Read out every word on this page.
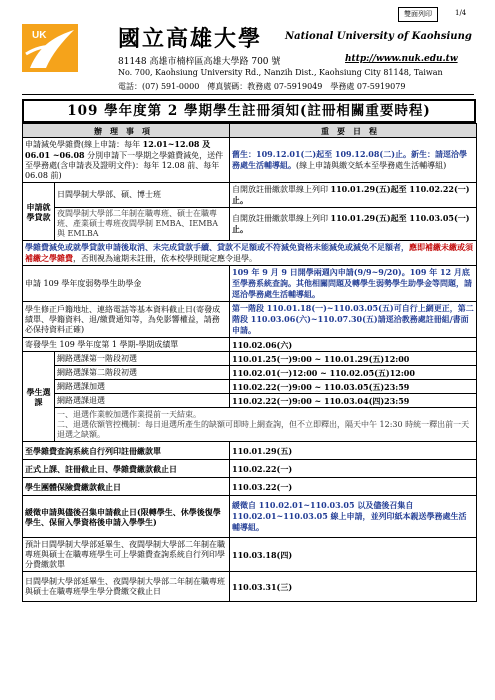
雙面列印	1/4
UK	國立高雄大學 National University of Kaohsiung
81148 高雄市楠梓區高雄大學路 700 號	http://www.nuk.edu.tw
No. 700, Kaohsiung University Rd., Nanzih Dist., Kaohsiung City 81148, Taiwan
電話：(07) 591-0000　傳真號碼：教務處 07-5919049　學務處 07-5919079
109 學年度第 2 學期學生註冊須知(註冊相關重要時程)
辦理事項		重要日程
申請減免學雜費(線上申請：每年 12.01~12.08 及 06.01 ~06.08 分別申請下一學期之學雜費減免，送件至學務處(含申請表及證明文件)：每年 12.08 前、每年 06.08 前)		舊生：109.12.01(二)起至 109.12.08(二)止。新生：請逕洽學務處生活輔導組。(線上申請與繳交紙本至學務處生活輔導組)
申請就學貸款	日間學制大學部、碩、博士班	自開放註冊繳款單線上列印 110.01.29(五)起至 110.02.22(一)止。
	夜間學制大學部二年制在職專班、碩士在職專班、產業碩士專班夜間學制 EMBA、IEMBA 與 EMLBA	自開放註冊繳款單線上列印 110.01.29(五)起至 110.03.05(一)止。
學雜費減免或就學貸款申請後取消、未完成貸款手續、貸款不足額或不符減免資格未能減免或減免不足額者，應即補繳未繳或須補繳之學雜費，否則視為逾期未註冊，依本校學則規定應令退學。		
申請 109 學年度弱勢學生助學金		109 年 9 月 9 日開學兩週內申請(9/9~9/20)。109 年 12 月底至學務系統查詢。其他相關問題及轉學生弱勢學生助學金等問題，請逕洽學務處生活輔導組。
學生修正戶籍地址、連絡電話等基本資料截止日(寄發成績單、學籍資料、退/繳費通知等，為免影響權益，請務必保持資料正確)		第一階段 110.01.18(一)~110.03.05(五)可自行上網更正，第二階段 110.03.06(六)~110.07.30(五)請逕洽教務處註冊組/書面申請。
寄發學生 109 學年度第 1 學期-學期成績單		110.02.06(六)
學生選課	網路選課第一階段初選	110.01.25(一)9:00 ~ 110.01.29(五)12:00
	網路選課第二階段初選	110.02.01(一)12:00 ~ 110.02.05(五)12:00
	網路選課加選	110.02.22(一)9:00 ~ 110.03.05(五)23:59
	網路選課退選	110.02.22(一)9:00 ~ 110.03.04(四)23:59

	一、退選作業較加選作業提前一天結束。
二、退選依額管控機制：每日退選所產生的缺額可即時上網查詢，但不立即釋出，隔天中午 12:30 時統一釋出前一天退選之缺額。	

至學雜費查詢系統自行列印註冊繳款單		110.01.29(五)
正式上課、註冊截止日、學雜費繳款截止日		110.02.22(一)
學生團體保險費繳款截止日		110.03.22(一)
緩徵申請與儘後召集申請截止日(限轉學生、休學後復學學生、保留入學資格後申請入學學生)		緩徵自 110.02.01~110.03.05 以及儘後召集自 110.02.01~110.03.05 線上申請，並列印紙本親送學務處生活輔導組。
預計日間學制大學部延畢生、夜間學制大學部二年制在職專班與碩士在職專班學生可上學雜費查詢系統自行列印學分費繳款單		110.03.18(四)
日間學制大學部延畢生、夜間學制大學部二年制在職專班與碩士在職專班學生學分費繳交截止日		110.03.31(三)
